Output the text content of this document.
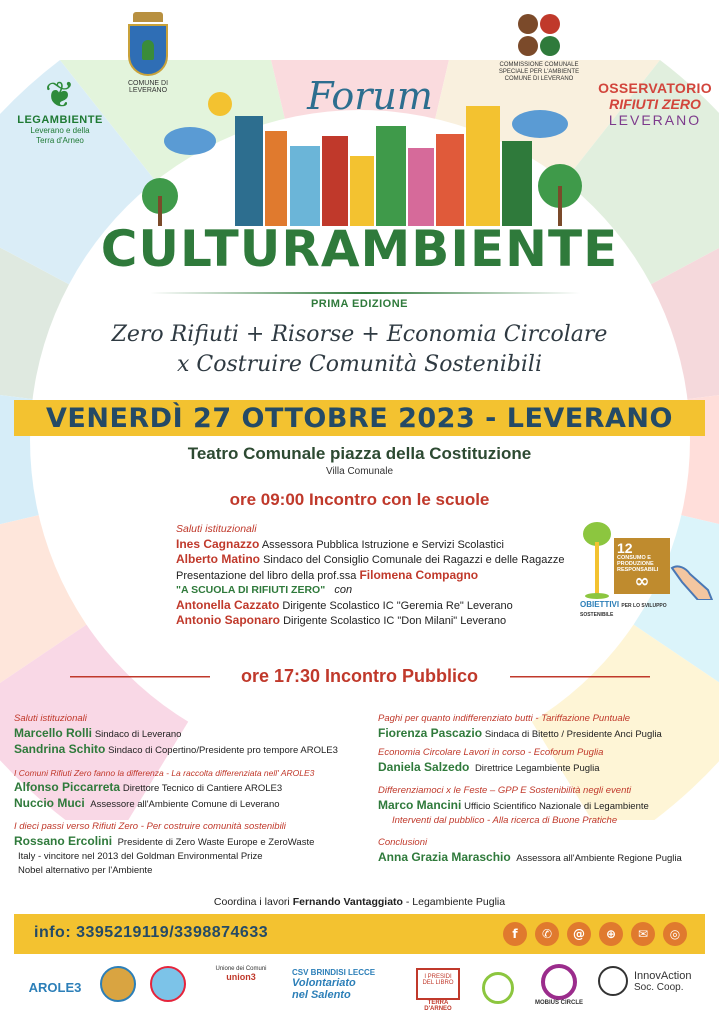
❦
LEGAMBIENTE
Leverano e della
Terra d'Arneo
COMUNE DI LEVERANO
COMMISSIONE COMUNALE
SPECIALE PER L'AMBIENTE
COMUNE DI LEVERANO
OSSERVATORIO
RIFIUTI ZERO
LEVERANO
Forum
CULTURAMBIENTE
PRIMA EDIZIONE
Zero Rifiuti + Risorse + Economia Circolare
x Costruire Comunità Sostenibili
VENERDÌ 27 OTTOBRE 2023 - LEVERANO
Teatro Comunale piazza della Costituzione
Villa Comunale
ore 09:00 Incontro con le scuole
Saluti istituzionali
Ines Cagnazzo Assessora Pubblica Istruzione e Servizi Scolastici
Alberto Matino Sindaco del Consiglio Comunale dei Ragazzi e delle Ragazze
Presentazione del libro della prof.ssa Filomena Compagno
"A SCUOLA DI RIFIUTI ZERO" con
Antonella Cazzato Dirigente Scolastico IC "Geremia Re" Leverano
Antonio Saponaro Dirigente Scolastico IC "Don Milani" Leverano
12
CONSUMO E PRODUZIONE RESPONSABILI
∞
OBIETTIVI PER LO SVILUPPO SOSTENIBILE
ore 17:30 Incontro Pubblico
Saluti istituzionali
Marcello Rolli Sindaco di Leverano
Sandrina Schito Sindaco di Copertino/Presidente pro tempore AROLE3
I Comuni Rifiuti Zero fanno la differenza - La raccolta differenziata nell' AROLE3
Alfonso Piccarreta Direttore Tecnico di Cantiere AROLE3
Nuccio Muci Assessore all'Ambiente Comune di Leverano
I dieci passi verso Rifiuti Zero - Per costruire comunità sostenibili
Rossano Ercolini Presidente di Zero Waste Europe e ZeroWaste
Italy - vincitore nel 2013 del Goldman Environmental Prize
Nobel alternativo per l'Ambiente
Paghi per quanto indifferenziato butti - Tariffazione Puntuale
Fiorenza Pascazio Sindaca di Bitetto / Presidente Anci Puglia
Economia Circolare Lavori in corso - Ecoforum Puglia
Daniela Salzedo Direttrice Legambiente Puglia
Differenziamoci x le Feste – GPP E Sostenibilità negli eventi
Marco Mancini Ufficio Scientifico Nazionale di Legambiente
Interventi dal pubblico - Alla ricerca di Buone Pratiche
Conclusioni
Anna Grazia Maraschio Assessora all'Ambiente Regione Puglia
Coordina i lavori Fernando Vantaggiato - Legambiente Puglia
info: 3395219119/3398874633	f	✆	@	⊕	✉	◎
AROLE3
Unione dei Comuni
union3	CSV BRINDISI LECCE
Volontariato
nel Salento
I PRESIDI DEL LIBRO
TERRA D'ARNEO
MOBIUS CIRCLE
InnovAction
Soc. Coop.
